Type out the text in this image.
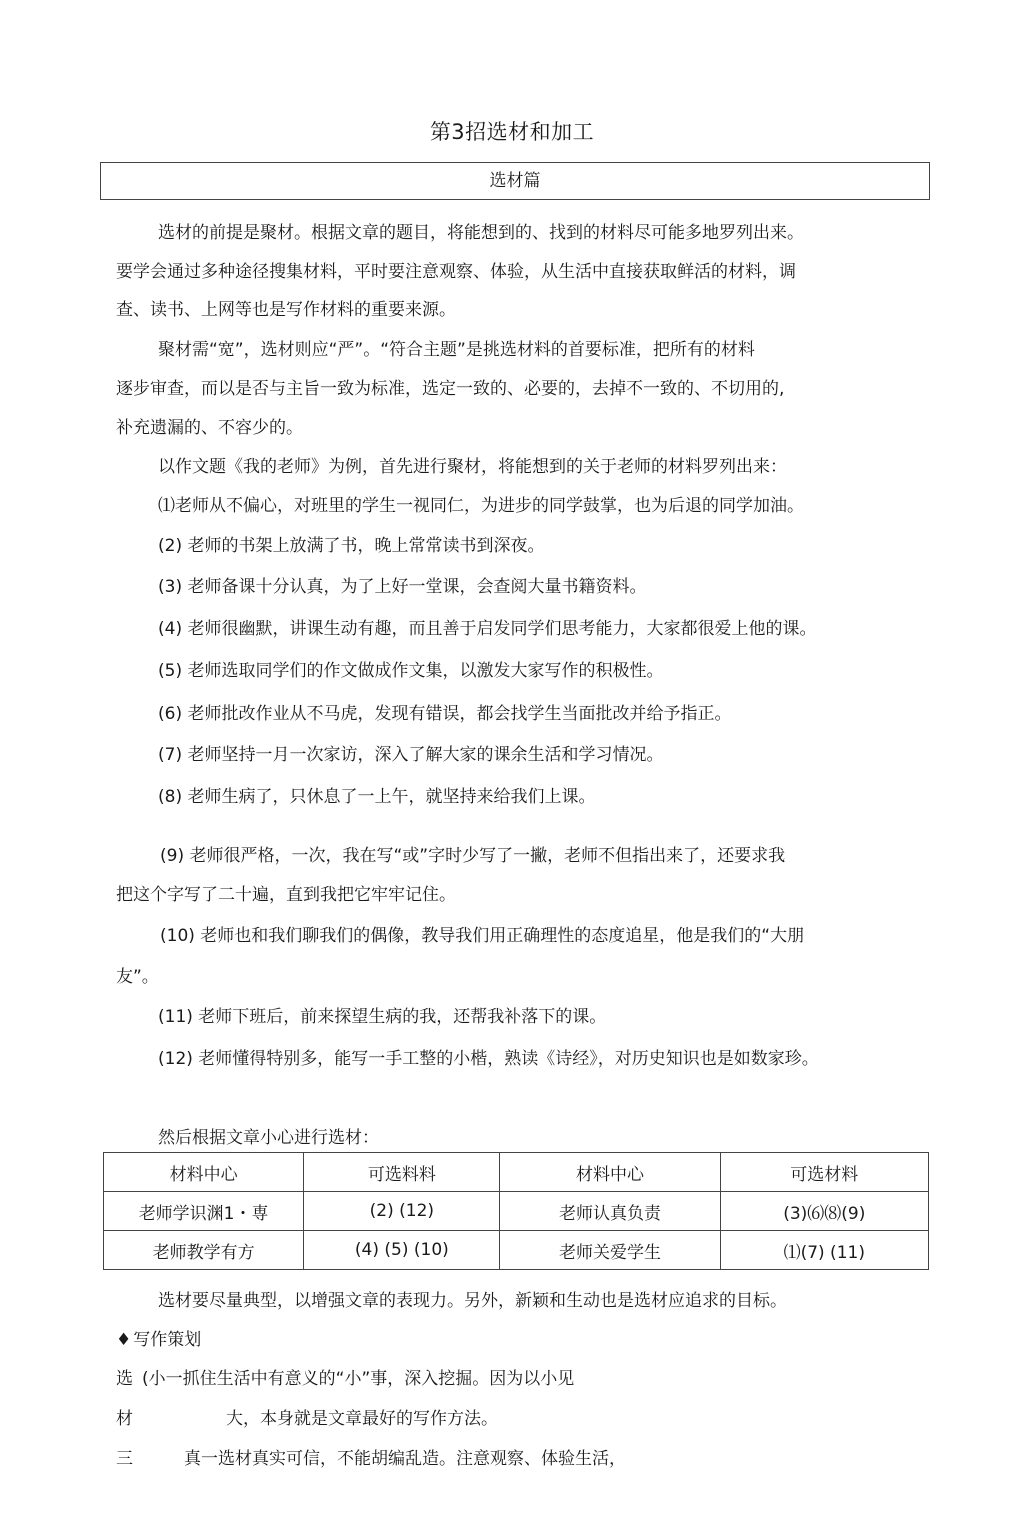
第3招选材和加工
选材篇
选材的前提是聚材。根据文章的题目，将能想到的、找到的材料尽可能多地罗列出来。
要学会通过多种途径搜集材料，平时要注意观察、体验，从生活中直接获取鲜活的材料，调
查、读书、上网等也是写作材料的重要来源。
聚材需“宽”，选材则应“严”。“符合主题”是挑选材料的首要标准，把所有的材料
逐步审查，而以是否与主旨一致为标准，选定一致的、必要的，去掉不一致的、不切用的,
补充遗漏的、不容少的。
以作文题《我的老师》为例，首先进行聚材，将能想到的关于老师的材料罗列出来：
⑴老师从不偏心，对班里的学生一视同仁，为进步的同学鼓掌，也为后退的同学加油。
(2) 老师的书架上放满了书，晚上常常读书到深夜。
(3) 老师备课十分认真，为了上好一堂课，会查阅大量书籍资料。
(4) 老师很幽默，讲课生动有趣，而且善于启发同学们思考能力，大家都很爱上他的课。
(5) 老师选取同学们的作文做成作文集，以激发大家写作的积极性。
(6) 老师批改作业从不马虎，发现有错误，都会找学生当面批改并给予指正。
(7) 老师坚持一月一次家访，深入了解大家的课余生活和学习情况。
(8) 老师生病了，只休息了一上午，就坚持来给我们上课。
(9) 老师很严格，一次，我在写“或”字时少写了一撇，老师不但指出来了，还要求我
把这个字写了二十遍，直到我把它牢牢记住。
(10) 老师也和我们聊我们的偶像，教导我们用正确理性的态度追星，他是我们的“大朋
友”。
(11) 老师下班后，前来探望生病的我，还帮我补落下的课。
(12) 老师懂得特别多，能写一手工整的小楷，熟读《诗经》，对历史知识也是如数家珍。
然后根据文章小心进行选材：
材料中心	可选料料	材料中心	可选材料
老师学识渊1・専	(2) (12)	老师认真负责	(3)⑹⑻(9)
老师教学有方	(4) (5) (10)	老师关爱学生	⑴(7) (11)
选材要尽量典型，以增强文章的表现力。另外，新颖和生动也是选材应追求的目标。
♦ 写作策划
选 (小一抓住生活中有意义的“小”事，深入挖掘。因为以小见
材	大，本身就是文章最好的写作方法。
三	真一选材真实可信，不能胡编乱造。注意观察、体验生活，
